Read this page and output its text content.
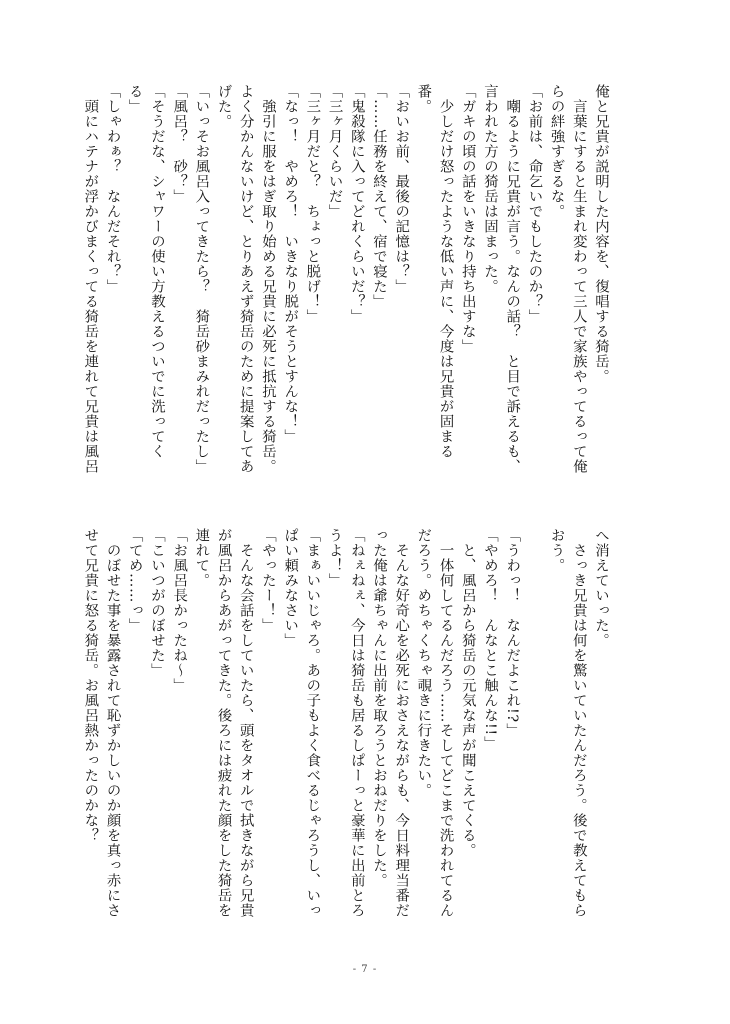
俺と兄貴が説明した内容を、復唱する猗岳。
　言葉にすると生まれ変わって三人で家族やってるって俺
らの絆強すぎるな。
「お前は、命乞いでもしたのか？」
　嘲るように兄貴が言う。なんの話？　と目で訴えるも、
言われた方の猗岳は固まった。
「ガキの頃の話をいきなり持ち出すな」
　少しだけ怒ったような低い声に、今度は兄貴が固まる
番。
「おいお前、最後の記憶は？」
「……任務を終えて、宿で寝た」
「鬼殺隊に入ってどれくらいだ？」
「三ヶ月くらいだ」
「三ヶ月だと？　ちょっと脱げ！」
「なっ！　やめろ！　いきなり脱がそうとすんな！」
　強引に服をはぎ取り始める兄貴に必死に抵抗する猗岳。
よく分かんないけど、とりあえず猗岳のために提案してあ
げた。
「いっそお風呂入ってきたら？　猗岳砂まみれだったし」
「風呂？　砂？」
「そうだな、シャワーの使い方教えるついでに洗ってく
る」
「しゃわぁ？　なんだそれ？」
　頭にハテナが浮かびまくってる猗岳を連れて兄貴は風呂
へ消えていった。
　さっき兄貴は何を驚いていたんだろう。後で教えてもら
おう。

「うわっ！　なんだよこれ!?」
「やめろ！　んなとこ触んな!!」
　と、風呂から猗岳の元気な声が聞こえてくる。
　一体何してるんだろう……そしてどこまで洗われてるん
だろう。めちゃくちゃ覗きに行きたい。
　そんな好奇心を必死におさえながらも、今日料理当番だ
った俺は爺ちゃんに出前を取ろうとおねだりをした。
「ねぇねぇ、今日は猗岳も居るしぱーっと豪華に出前とろ
うよ！」
「まぁいいじゃろ。あの子もよく食べるじゃろうし、いっ
ぱい頼みなさい」
「やったー！」
　そんな会話をしていたら、頭をタオルで拭きながら兄貴
が風呂からあがってきた。後ろには疲れた顔をした猗岳を
連れて。
「お風呂長かったね〜」
「こいつがのぼせた」
「てめ……っ」
　のぼせた事を暴露されて恥ずかしいのか顔を真っ赤にさ
せて兄貴に怒る猗岳。お風呂熱かったのかな？
- 7 -
